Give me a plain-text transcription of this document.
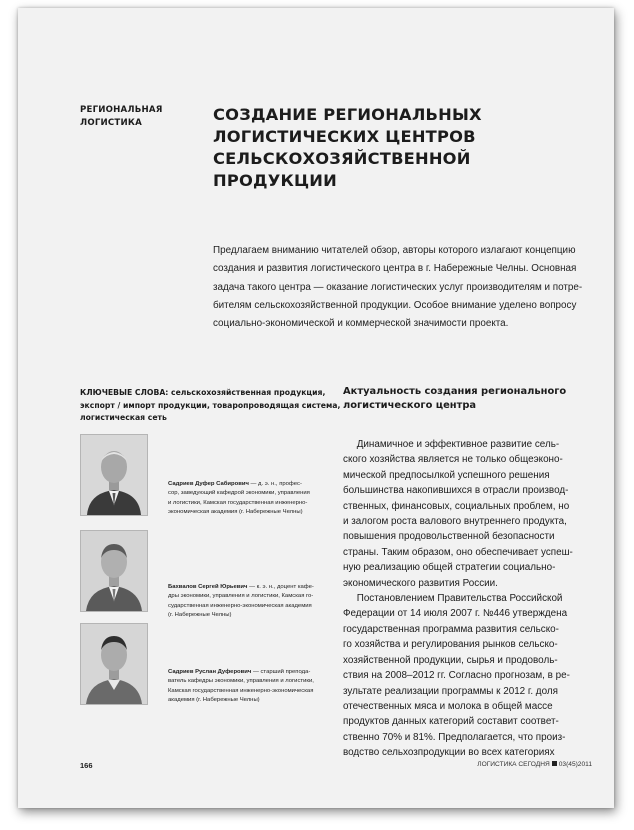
РЕГИОНАЛЬНАЯ
ЛОГИСТИКА	СОЗДАНИЕ РЕГИОНАЛЬНЫХ
ЛОГИСТИЧЕСКИХ ЦЕНТРОВ
СЕЛЬСКОХОЗЯЙСТВЕННОЙ ПРОДУКЦИИ

Предлагаем вниманию читателей обзор, авторы которого излагают концепцию

создания и развития логистического центра в г. Набережные Челны. Основная

задача такого центра — оказание логистических услуг производителям и потре-

бителям сельскохозяйственной продукции. Особое внимание уделено вопросу

социально-экономической и коммерческой значимости проекта.

КЛЮЧЕВЫЕ СЛОВА: сельскохозяйственная продукция,

экспорт / импорт продукции, товаропроводящая система,

логистическая сеть

Садриев Дуфер Сабирович — д. э. н., профес-

сор, заведующий кафедрой экономики, управления

и логистики, Камская государственная инженерно-

экономическая академия (г. Набережные Челны)

Бахвалов Сергей Юрьевич — к. э. н., доцент кафе-

дры экономики, управления и логистики, Камская го-

сударственная инженерно-экономическая академия

(г. Набережные Челны)

Садриев Руслан Дуферович — старший препода-

ватель кафедры экономики, управления и логистики,

Камская государственная инженерно-экономическая

академия (г. Набережные Челны)

Актуальность создания регионального
логистического центра

Динамичное и эффективное развитие сель-

ского хозяйства является не только общеэконо-

мической предпосылкой успешного решения

большинства накопившихся в отрасли производ-

ственных, финансовых, социальных проблем, но

и залогом роста валового внутреннего продукта,

повышения продовольственной безопасности

страны. Таким образом, оно обеспечивает успеш-

ную реализацию общей стратегии социально-

экономического развития России.

Постановлением Правительства Российской

Федерации от 14 июля 2007 г. №446 утверждена

государственная программа развития сельско-

го хозяйства и регулирования рынков сельско-

хозяйственной продукции, сырья и продоволь-

ствия на 2008–2012 гг. Согласно прогнозам, в ре-

зультате реализации программы к 2012 г. доля

отечественных мяса и молока в общей массе

продуктов данных категорий составит соответ-

ственно 70% и 81%. Предполагается, что произ-

водство сельхозпродукции во всех категориях

166	ЛОГИСТИКА СЕГОДНЯ 03(45)2011
